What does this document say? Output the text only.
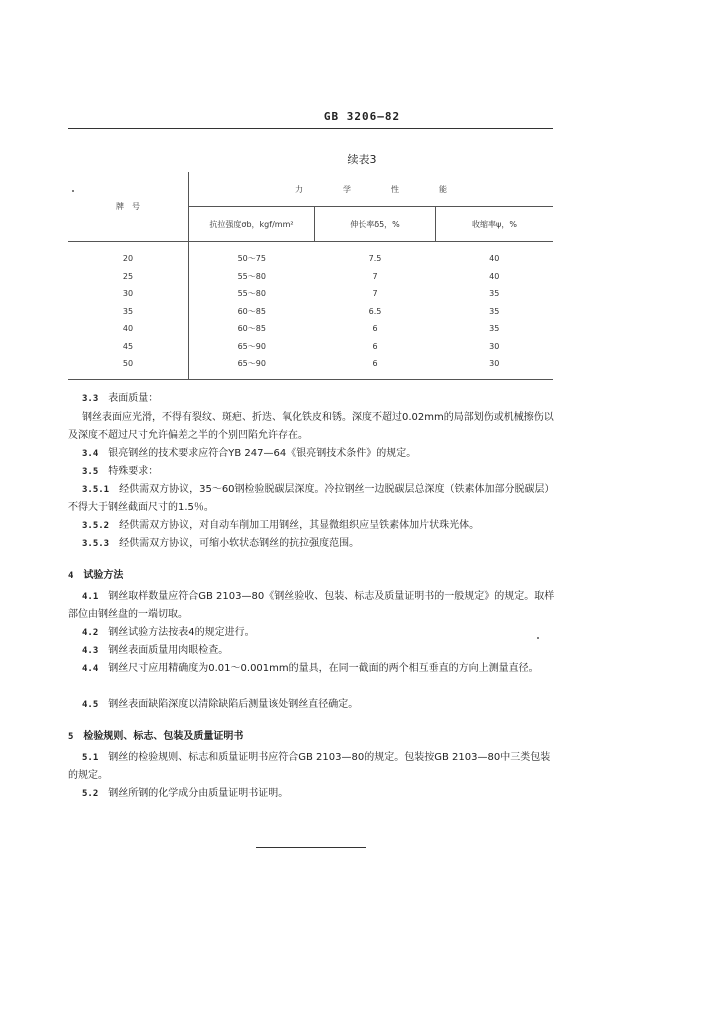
GB 3206—82
续表3
牌　号	力学性能		
	抗拉强度σb，kgf/mm²	伸长率δ5，%	收缩率ψ，%
20	50～75	7.5	40
25	55～80	7	40
30	55～80	7	35
35	60～85	6.5	35
40	60～85	6	35
45	65～90	6	30
50	65～90	6	30
3.3 表面质量：
钢丝表面应光滑，不得有裂纹、斑疤、折迭、氧化铁皮和锈。深度不超过0.02mm的局部划伤或机械擦伤以及深度不超过尺寸允许偏差之半的个别凹陷允许存在。
3.4 银亮钢丝的技术要求应符合YB 247—64《银亮钢技术条件》的规定。
3.5 特殊要求：
3.5.1 经供需双方协议，35～60钢检验脱碳层深度。冷拉钢丝一边脱碳层总深度（铁素体加部分脱碳层）不得大于钢丝截面尺寸的1.5％。
3.5.2 经供需双方协议，对自动车削加工用钢丝，其显微组织应呈铁素体加片状珠光体。
3.5.3 经供需双方协议，可缩小软状态钢丝的抗拉强度范围。
4 试验方法
4.1 钢丝取样数量应符合GB 2103—80《钢丝验收、包装、标志及质量证明书的一般规定》的规定。取样部位由钢丝盘的一端切取。
4.2 钢丝试验方法按表4的规定进行。
4.3 钢丝表面质量用肉眼检查。
4.4 钢丝尺寸应用精确度为0.01～0.001mm的量具，在同一截面的两个相互垂直的方向上测量直径。
4.5 钢丝表面缺陷深度以清除缺陷后测量该处钢丝直径确定。
5 检验规则、标志、包装及质量证明书
5.1 钢丝的检验规则、标志和质量证明书应符合GB 2103—80的规定。包装按GB 2103—80中三类包装的规定。
5.2 钢丝所钢的化学成分由质量证明书证明。
